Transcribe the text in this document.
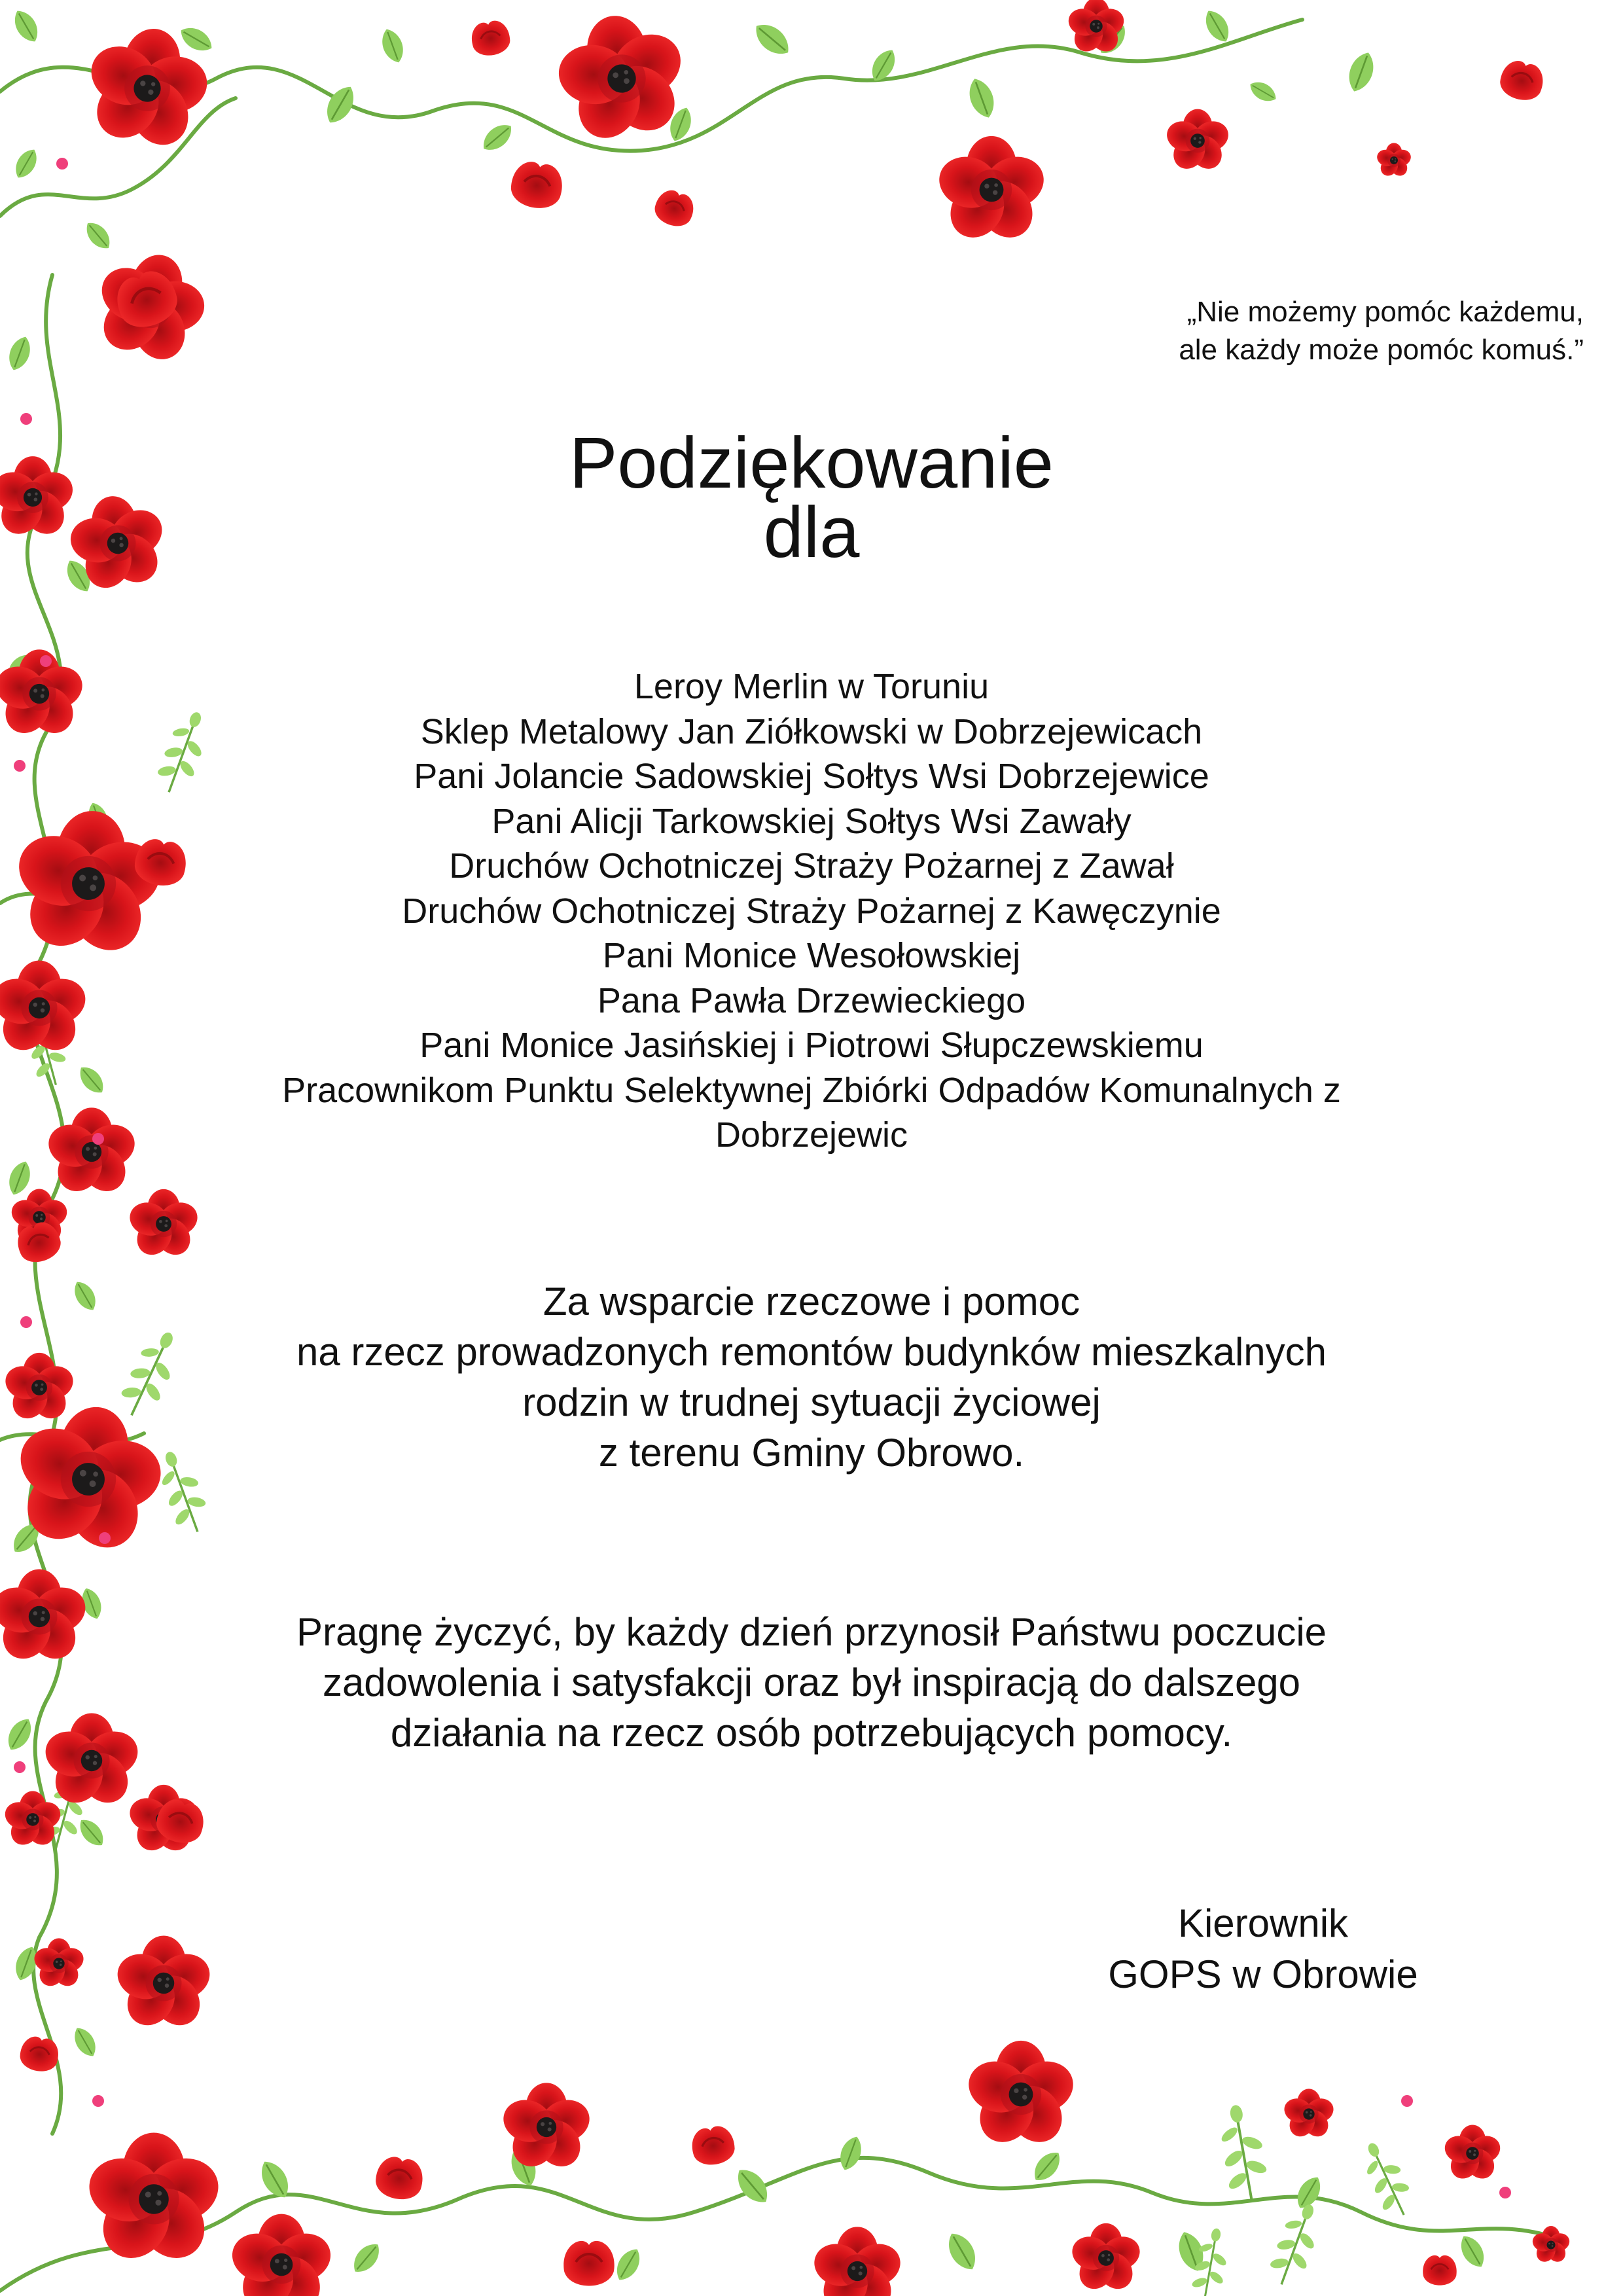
„Nie możemy pomóc każdemu,
ale każdy może pomóc komuś.”
Podziękowanie
dla
Leroy Merlin w Toruniu
Sklep Metalowy Jan Ziółkowski w Dobrzejewicach
Pani Jolancie Sadowskiej Sołtys Wsi Dobrzejewice
Pani Alicji Tarkowskiej Sołtys Wsi Zawały
Druchów Ochotniczej Straży Pożarnej z Zawał
Druchów Ochotniczej Straży Pożarnej z Kawęczynie
Pani Monice Wesołowskiej
Pana Pawła Drzewieckiego
Pani Monice Jasińskiej i Piotrowi Słupczewskiemu
Pracownikom Punktu Selektywnej Zbiórki Odpadów Komunalnych z
Dobrzejewic
Za wsparcie rzeczowe i pomoc
na rzecz prowadzonych remontów budynków mieszkalnych
rodzin w trudnej sytuacji życiowej
z terenu Gminy Obrowo.
Pragnę życzyć, by każdy dzień przynosił Państwu poczucie
zadowolenia i satysfakcji oraz był inspiracją do dalszego
działania na rzecz osób potrzebujących pomocy.
Kierownik
GOPS w Obrowie
